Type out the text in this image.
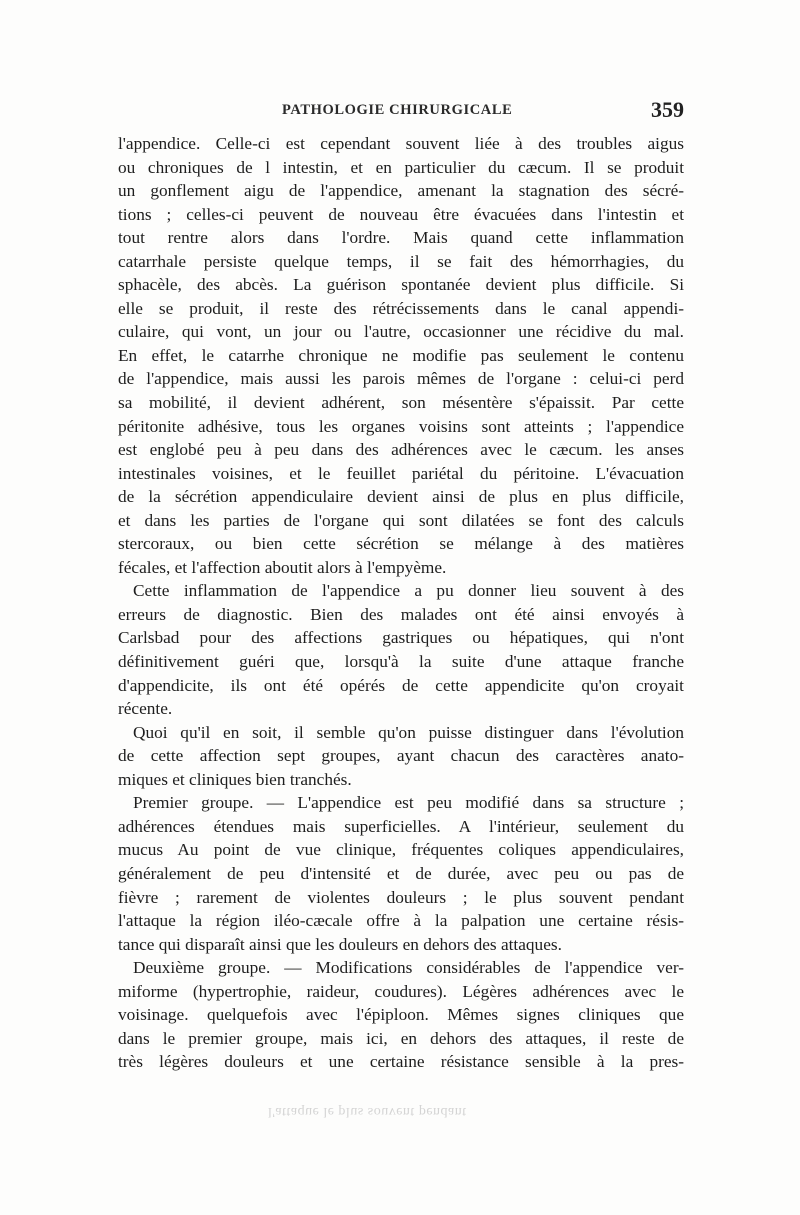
PATHOLOGIE CHIRURGICALE	359
l'appendice. Celle-ci est cependant souvent liée à des troubles aigus
ou chroniques de l intestin, et en particulier du cæcum. Il se produit
un gonflement aigu de l'appendice, amenant la stagnation des sécré-
tions ; celles-ci peuvent de nouveau être évacuées dans l'intestin et
tout rentre alors dans l'ordre. Mais quand cette inflammation
catarrhale persiste quelque temps, il se fait des hémorrhagies, du
sphacèle, des abcès. La guérison spontanée devient plus difficile. Si
elle se produit, il reste des rétrécissements dans le canal appendi-
culaire, qui vont, un jour ou l'autre, occasionner une récidive du mal.
En effet, le catarrhe chronique ne modifie pas seulement le contenu
de l'appendice, mais aussi les parois mêmes de l'organe : celui-ci perd
sa mobilité, il devient adhérent, son mésentère s'épaissit. Par cette
péritonite adhésive, tous les organes voisins sont atteints ; l'appendice
est englobé peu à peu dans des adhérences avec le cæcum. les anses
intestinales voisines, et le feuillet pariétal du péritoine. L'évacuation
de la sécrétion appendiculaire devient ainsi de plus en plus difficile,
et dans les parties de l'organe qui sont dilatées se font des calculs
stercoraux, ou bien cette sécrétion se mélange à des matières
fécales, et l'affection aboutit alors à l'empyème.
Cette inflammation de l'appendice a pu donner lieu souvent à des
erreurs de diagnostic. Bien des malades ont été ainsi envoyés à
Carlsbad pour des affections gastriques ou hépatiques, qui n'ont
définitivement guéri que, lorsqu'à la suite d'une attaque franche
d'appendicite, ils ont été opérés de cette appendicite qu'on croyait
récente.
Quoi qu'il en soit, il semble qu'on puisse distinguer dans l'évolution
de cette affection sept groupes, ayant chacun des caractères anato-
miques et cliniques bien tranchés.
Premier groupe. — L'appendice est peu modifié dans sa structure ;
adhérences étendues mais superficielles. A l'intérieur, seulement du
mucus Au point de vue clinique, fréquentes coliques appendiculaires,
généralement de peu d'intensité et de durée, avec peu ou pas de
fièvre ; rarement de violentes douleurs ; le plus souvent pendant
l'attaque la région iléo-cæcale offre à la palpation une certaine résis-
tance qui disparaît ainsi que les douleurs en dehors des attaques.
Deuxième groupe. — Modifications considérables de l'appendice ver-
miforme (hypertrophie, raideur, coudures). Légères adhérences avec le
voisinage. quelquefois avec l'épiploon. Mêmes signes cliniques que
dans le premier groupe, mais ici, en dehors des attaques, il reste de
très légères douleurs et une certaine résistance sensible à la pres-
l'attaque le plus souvent pendant
